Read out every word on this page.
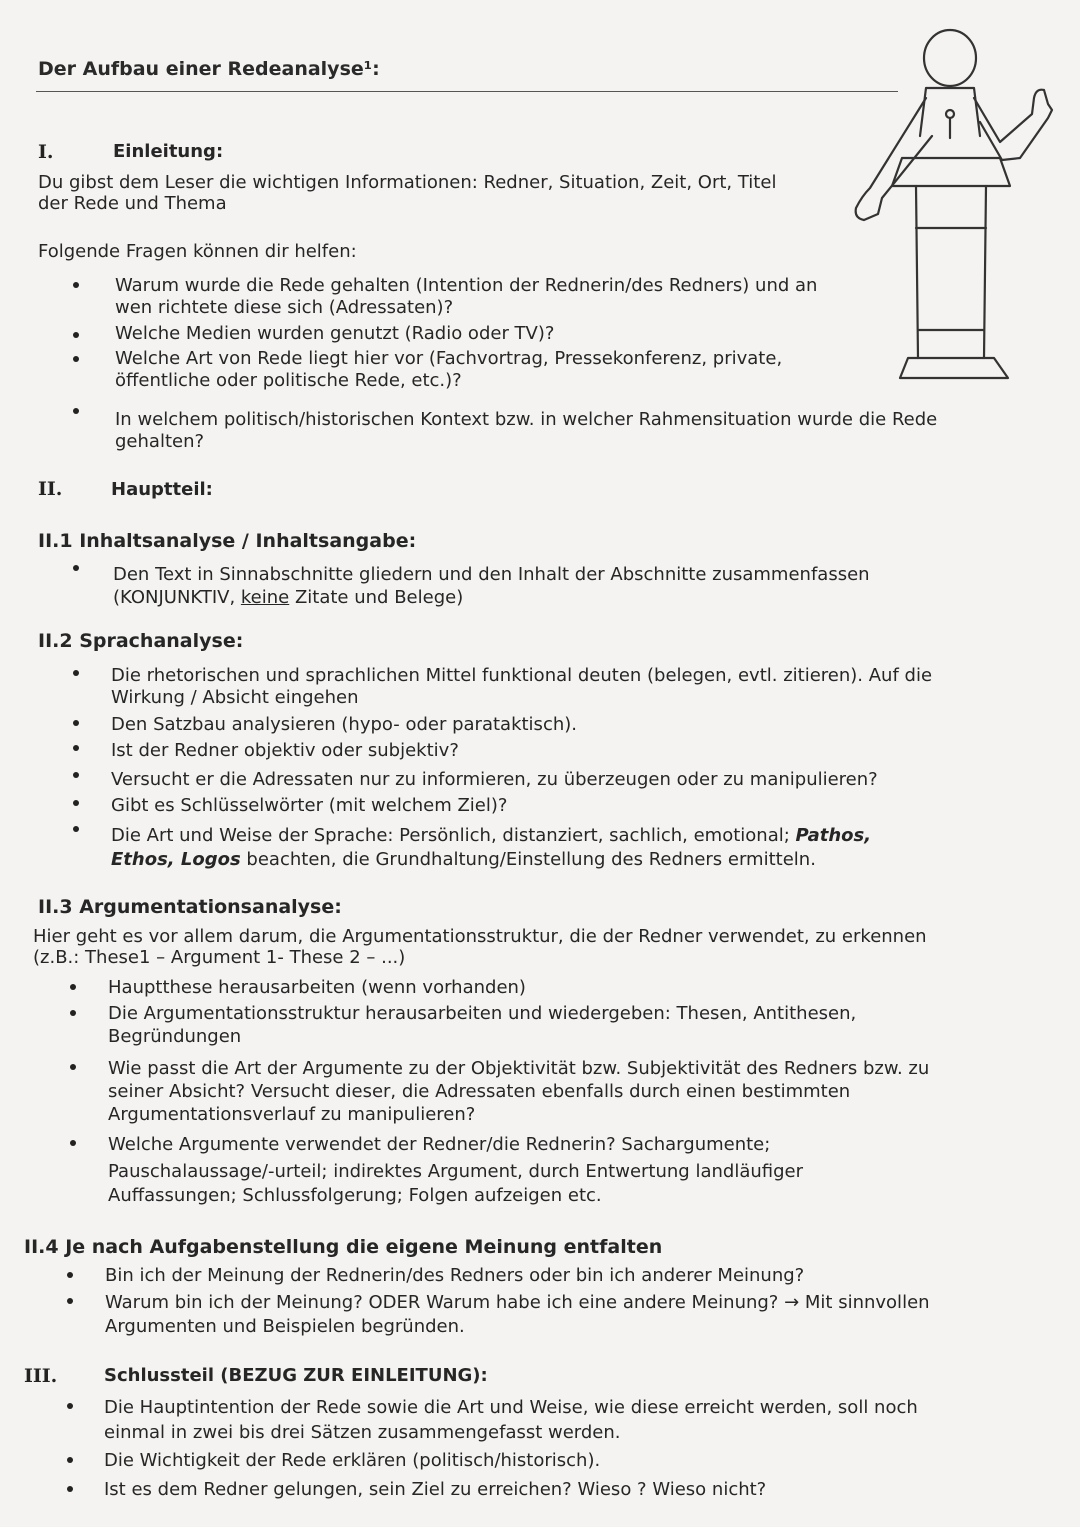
Der Aufbau einer Redeanalyse¹:
I.	Einleitung:
Du gibst dem Leser die wichtigen Informationen: Redner, Situation, Zeit, Ort, Titel
der Rede und Thema
Folgende Fragen können dir helfen:
Warum wurde die Rede gehalten (Intention der Rednerin/des Redners) und an
wen richtete diese sich (Adressaten)?
Welche Medien wurden genutzt (Radio oder TV)?
Welche Art von Rede liegt hier vor (Fachvortrag, Pressekonferenz, private,
öffentliche oder politische Rede, etc.)?
In welchem politisch/historischen Kontext bzw. in welcher Rahmensituation wurde die Rede
gehalten?
II.	Hauptteil:
II.1 Inhaltsanalyse / Inhaltsangabe:
Den Text in Sinnabschnitte gliedern und den Inhalt der Abschnitte zusammenfassen
(KONJUNKTIV, keine Zitate und Belege)
II.2 Sprachanalyse:
Die rhetorischen und sprachlichen Mittel funktional deuten (belegen, evtl. zitieren). Auf die
Wirkung / Absicht eingehen
Den Satzbau analysieren (hypo- oder parataktisch).
Ist der Redner objektiv oder subjektiv?
Versucht er die Adressaten nur zu informieren, zu überzeugen oder zu manipulieren?
Gibt es Schlüsselwörter (mit welchem Ziel)?
Die Art und Weise der Sprache: Persönlich, distanziert, sachlich, emotional; Pathos,
Ethos, Logos beachten, die Grundhaltung/Einstellung des Redners ermitteln.
II.3 Argumentationsanalyse:
Hier geht es vor allem darum, die Argumentationsstruktur, die der Redner verwendet, zu erkennen
(z.B.: These1 – Argument 1- These 2 – ...)
Hauptthese herausarbeiten (wenn vorhanden)
Die Argumentationsstruktur herausarbeiten und wiedergeben: Thesen, Antithesen,
Begründungen
Wie passt die Art der Argumente zu der Objektivität bzw. Subjektivität des Redners bzw. zu
seiner Absicht? Versucht dieser, die Adressaten ebenfalls durch einen bestimmten
Argumentationsverlauf zu manipulieren?
Welche Argumente verwendet der Redner/die Rednerin? Sachargumente;
Pauschalaussage/-urteil; indirektes Argument, durch Entwertung landläufiger
Auffassungen; Schlussfolgerung; Folgen aufzeigen etc.
II.4 Je nach Aufgabenstellung die eigene Meinung entfalten
Bin ich der Meinung der Rednerin/des Redners oder bin ich anderer Meinung?
Warum bin ich der Meinung? ODER Warum habe ich eine andere Meinung? → Mit sinnvollen
Argumenten und Beispielen begründen.
III.	Schlussteil (BEZUG ZUR EINLEITUNG):
Die Hauptintention der Rede sowie die Art und Weise, wie diese erreicht werden, soll noch
einmal in zwei bis drei Sätzen zusammengefasst werden.
Die Wichtigkeit der Rede erklären (politisch/historisch).
Ist es dem Redner gelungen, sein Ziel zu erreichen? Wieso ? Wieso nicht?
